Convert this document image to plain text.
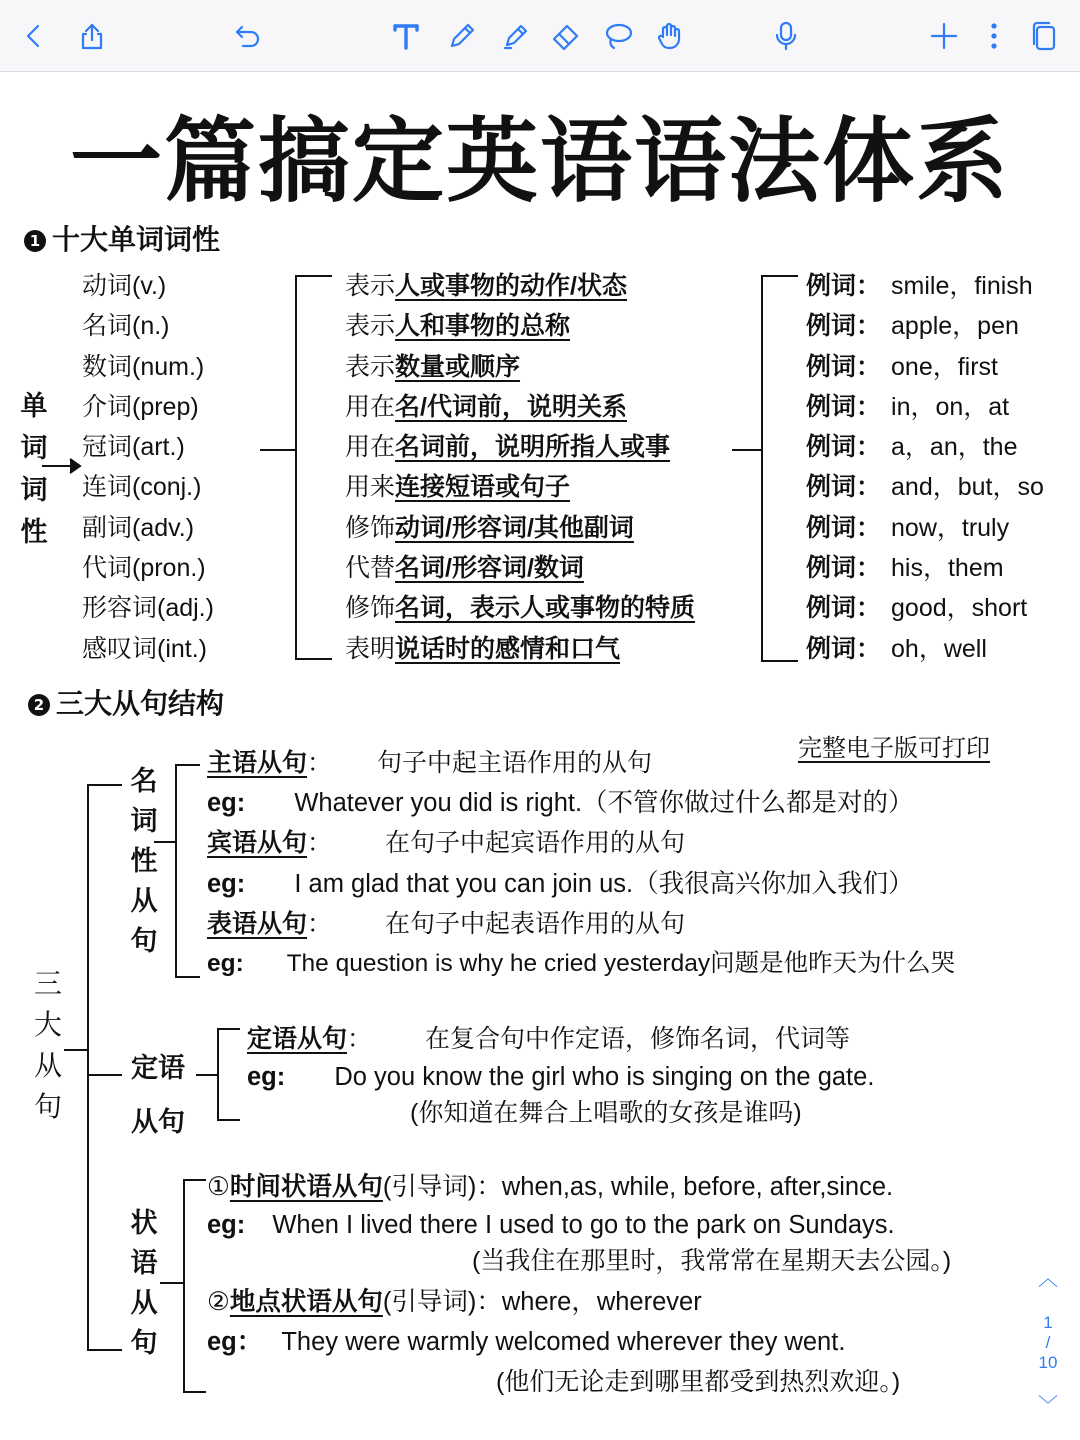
一篇搞定英语语法体系
1 十大单词词性
单
词
词
性
动词(v.)
名词(n.)
数词(num.)
介词(prep)
冠词(art.)
连词(conj.)
副词(adv.)
代词(pron.)
形容词(adj.)
感叹词(int.)
表示人或事物的动作/状态
表示人和事物的总称
表示数量或顺序
用在名/代词前，说明关系
用在名词前，说明所指人或事
用来连接短语或句子
修饰动词/形容词/其他副词
代替名词/形容词/数词
修饰名词，表示人或事物的特质
表明说话时的感情和口气
例词： smile，finish
例词： apple，pen
例词： one，first
例词： in，on，at
例词： a，an，the
例词： and，but，so
例词： now，truly
例词： his，them
例词： good，short
例词： oh，well
2 三大从句结构
完整电子版可打印
三
大
从
句
名
词
性
从
句
主语从句： 句子中起主语作用的从句
eg: Whatever you did is right.（不管你做过什么都是对的）
宾语从句： 在句子中起宾语作用的从句
eg: I am glad that you can join us.（我很高兴你加入我们）
表语从句： 在句子中起表语作用的从句
eg: The question is why he cried yesterday问题是他昨天为什么哭
定语
从句
定语从句： 在复合句中作定语，修饰名词，代词等
eg: Do you know the girl who is singing on the gate.
(你知道在舞合上唱歌的女孩是谁吗)
状
语
从
句
①时间状语从句(引导词)：when,as, while, before, after,since.
eg: When I lived there I used to go to the park on Sundays.
(当我住在那里时，我常常在星期天去公园。)
②地点状语从句(引导词)：where，wherever
eg： They were warmly welcomed wherever they went.
(他们无论走到哪里都受到热烈欢迎。)
︿
1
/
10
﹀
